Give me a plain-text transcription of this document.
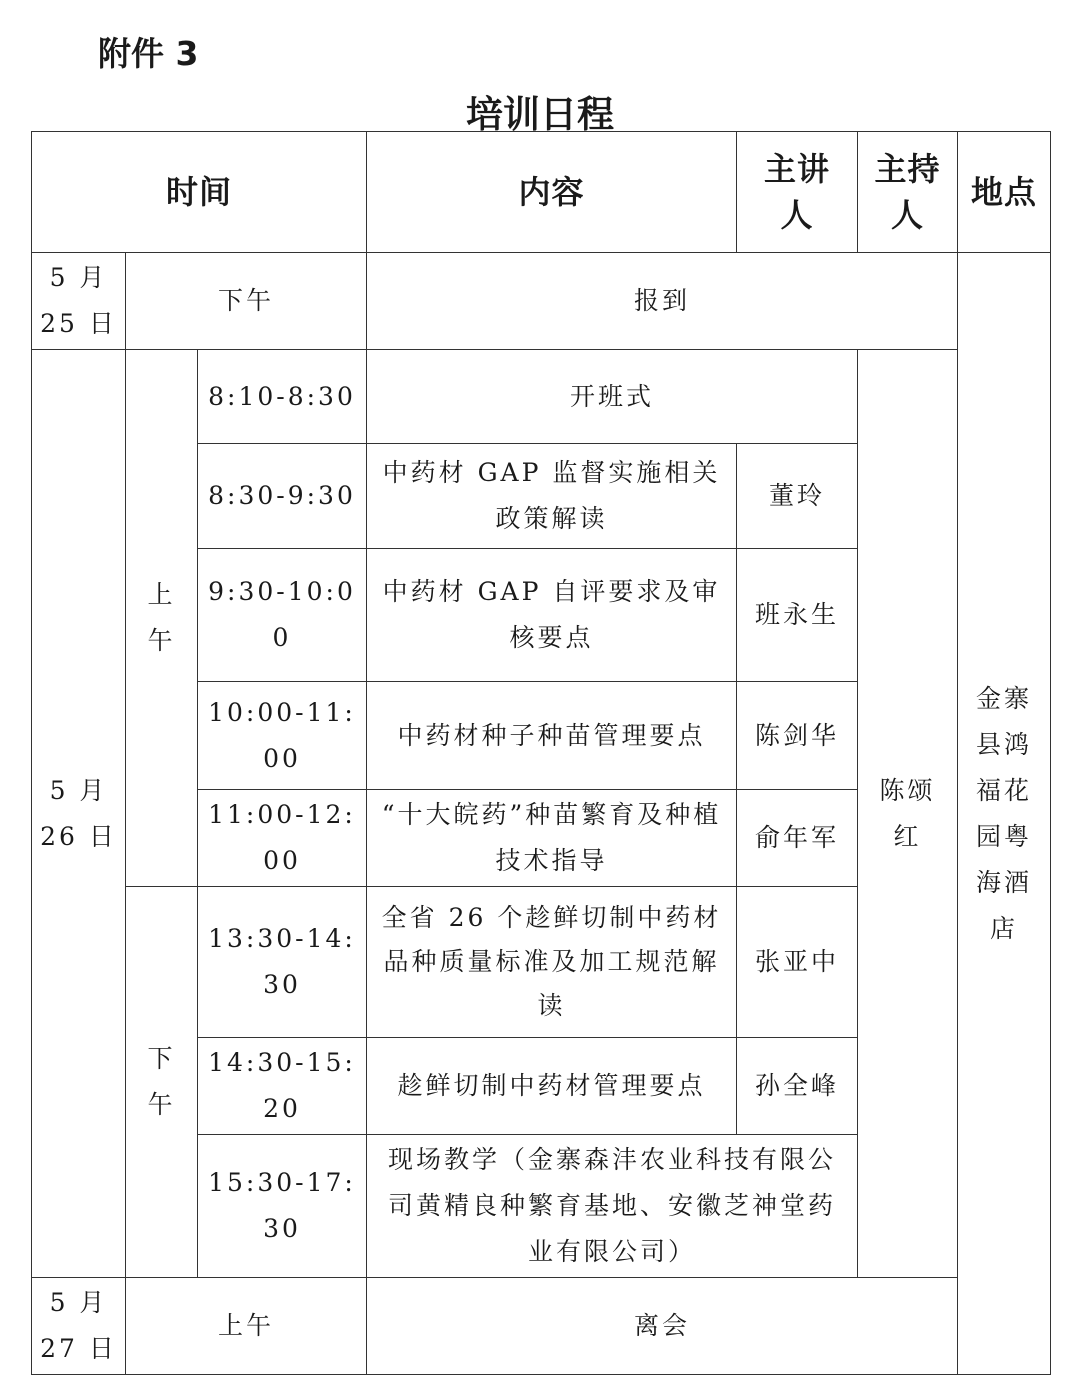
附件 3
培训日程
时间			内容	主讲人	主持人	地点
5 月 25 日	下午		报到			金寨县鸿福花园粤海酒店
5 月 26 日	上午	8:10-8:30	开班式		陈颂红	
		8:30-9:30	中药材 GAP 监督实施相关政策解读	董玲		
		9:30-10:00	中药材 GAP 自评要求及审核要点	班永生		
		10:00-11:00	中药材种子种苗管理要点	陈剑华		
		11:00-12:00	“十大皖药”种苗繁育及种植技术指导	俞年军		
	下午	13:30-14:30	全省 26 个趁鲜切制中药材品种质量标准及加工规范解读	张亚中		
		14:30-15:20	趁鲜切制中药材管理要点	孙全峰		
		15:30-17:30	现场教学（金寨森沣农业科技有限公司黄精良种繁育基地、安徽芝神堂药业有限公司）			
5 月 27 日	上午		离会			
